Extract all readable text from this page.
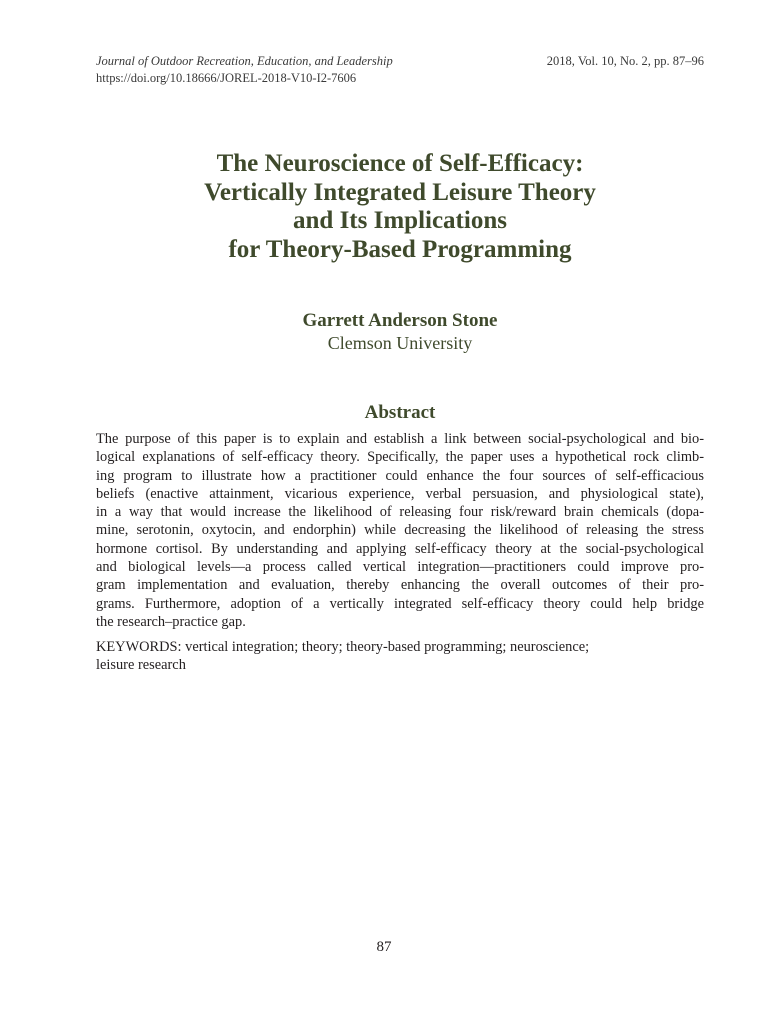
Journal of Outdoor Recreation, Education, and Leadership	2018, Vol. 10, No. 2, pp. 87–96
https://doi.org/10.18666/JOREL-2018-V10-I2-7606
The Neuroscience of Self-Efficacy:
Vertically Integrated Leisure Theory
and Its Implications
for Theory-Based Programming
Garrett Anderson Stone
Clemson University
Abstract
The purpose of this paper is to explain and establish a link between social-psychological and bio-
logical explanations of self-efficacy theory. Specifically, the paper uses a hypothetical rock climb-
ing program to illustrate how a practitioner could enhance the four sources of self-efficacious
beliefs (enactive attainment, vicarious experience, verbal persuasion, and physiological state),
in a way that would increase the likelihood of releasing four risk/reward brain chemicals (dopa-
mine, serotonin, oxytocin, and endorphin) while decreasing the likelihood of releasing the stress
hormone cortisol. By understanding and applying self-efficacy theory at the social-psychological
and biological levels—a process called vertical integration—practitioners could improve pro-
gram implementation and evaluation, thereby enhancing the overall outcomes of their pro-
grams. Furthermore, adoption of a vertically integrated self-efficacy theory could help bridge
the research–practice gap.
KEYWORDS: vertical integration; theory; theory-based programming; neuroscience;
leisure research
87
